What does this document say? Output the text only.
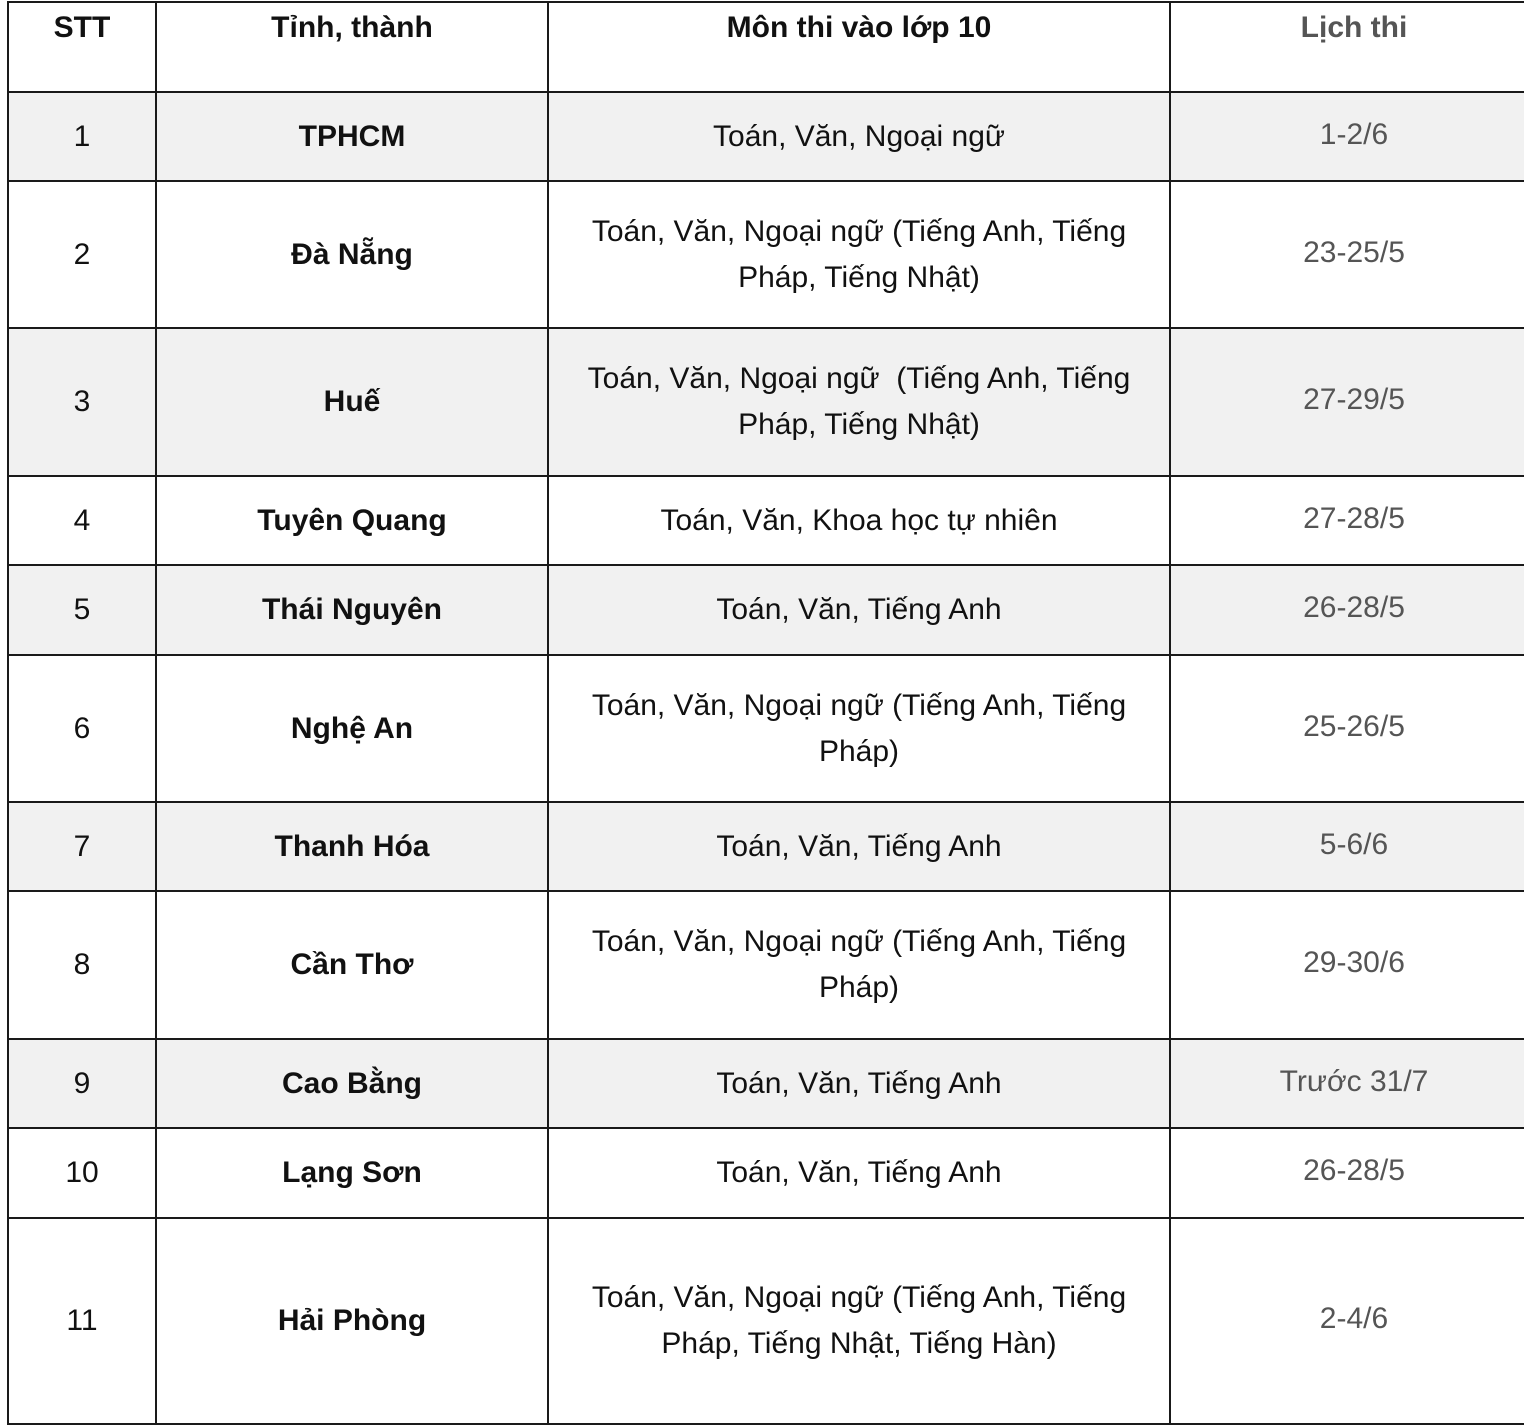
STT	Tỉnh, thành	Môn thi vào lớp 10	Lịch thi
1	TPHCM	Toán, Văn, Ngoại ngữ	1-2/6

2	Đà Nẵng	Toán, Văn, Ngoại ngữ (Tiếng Anh, Tiếng Pháp, Tiếng Nhật)	23-25/5

3	Huế	Toán, Văn, Ngoại ngữ  (Tiếng Anh, Tiếng Pháp, Tiếng Nhật)	27-29/5

4	Tuyên Quang	Toán, Văn, Khoa học tự nhiên	27-28/5

5	Thái Nguyên	Toán, Văn, Tiếng Anh	26-28/5

6	Nghệ An	Toán, Văn, Ngoại ngữ (Tiếng Anh, Tiếng Pháp)	25-26/5

7	Thanh Hóa	Toán, Văn, Tiếng Anh	5-6/6

8	Cần Thơ	Toán, Văn, Ngoại ngữ (Tiếng Anh, Tiếng Pháp)	29-30/6

9	Cao Bằng	Toán, Văn, Tiếng Anh	Trước 31/7

10	Lạng Sơn	Toán, Văn, Tiếng Anh	26-28/5

11	Hải Phòng	Toán, Văn, Ngoại ngữ (Tiếng Anh, Tiếng Pháp, Tiếng Nhật, Tiếng Hàn)	2-4/6
